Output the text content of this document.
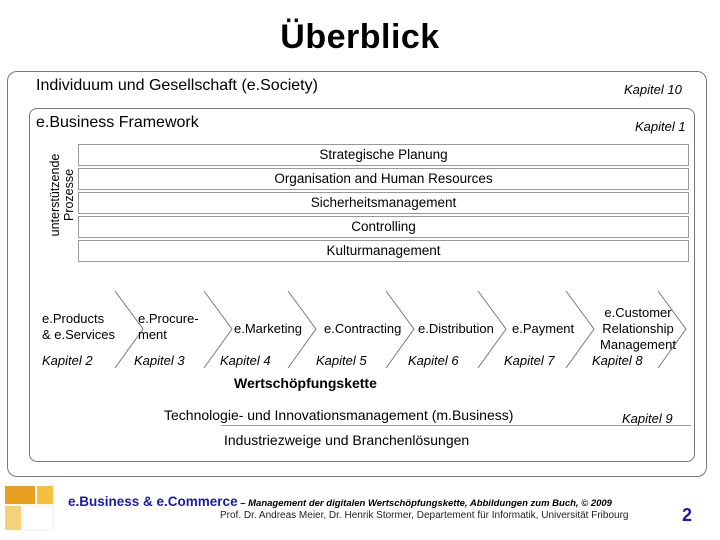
Überblick
Individuum und Gesellschaft (e.Society)	Kapitel 10
e.Business Framework	Kapitel 1
unterstützende Prozesse
Strategische Planung
Organisation and Human Resources
Sicherheitsmanagement
Controlling
Kulturmanagement
e.Products
& e.Services
e.Procure-
ment	e.Marketing e.Contracting e.Distribution e.Payment
e.Customer
Relationship
Management
Kapitel 2	Kapitel 3	Kapitel 4	Kapitel 5	Kapitel 6	Kapitel 7	Kapitel 8
Wertschöpfungskette
Technologie- und Innovationsmanagement (m.Business)	Kapitel 9
Industriezweige und Branchenlösungen
e.Business & e.Commerce – Management der digitalen Wertschöpfungskette, Abbildungen zum Buch, © 2009
Prof. Dr. Andreas Meier, Dr. Henrik Stormer, Departement für Informatik, Universität Fribourg	2
